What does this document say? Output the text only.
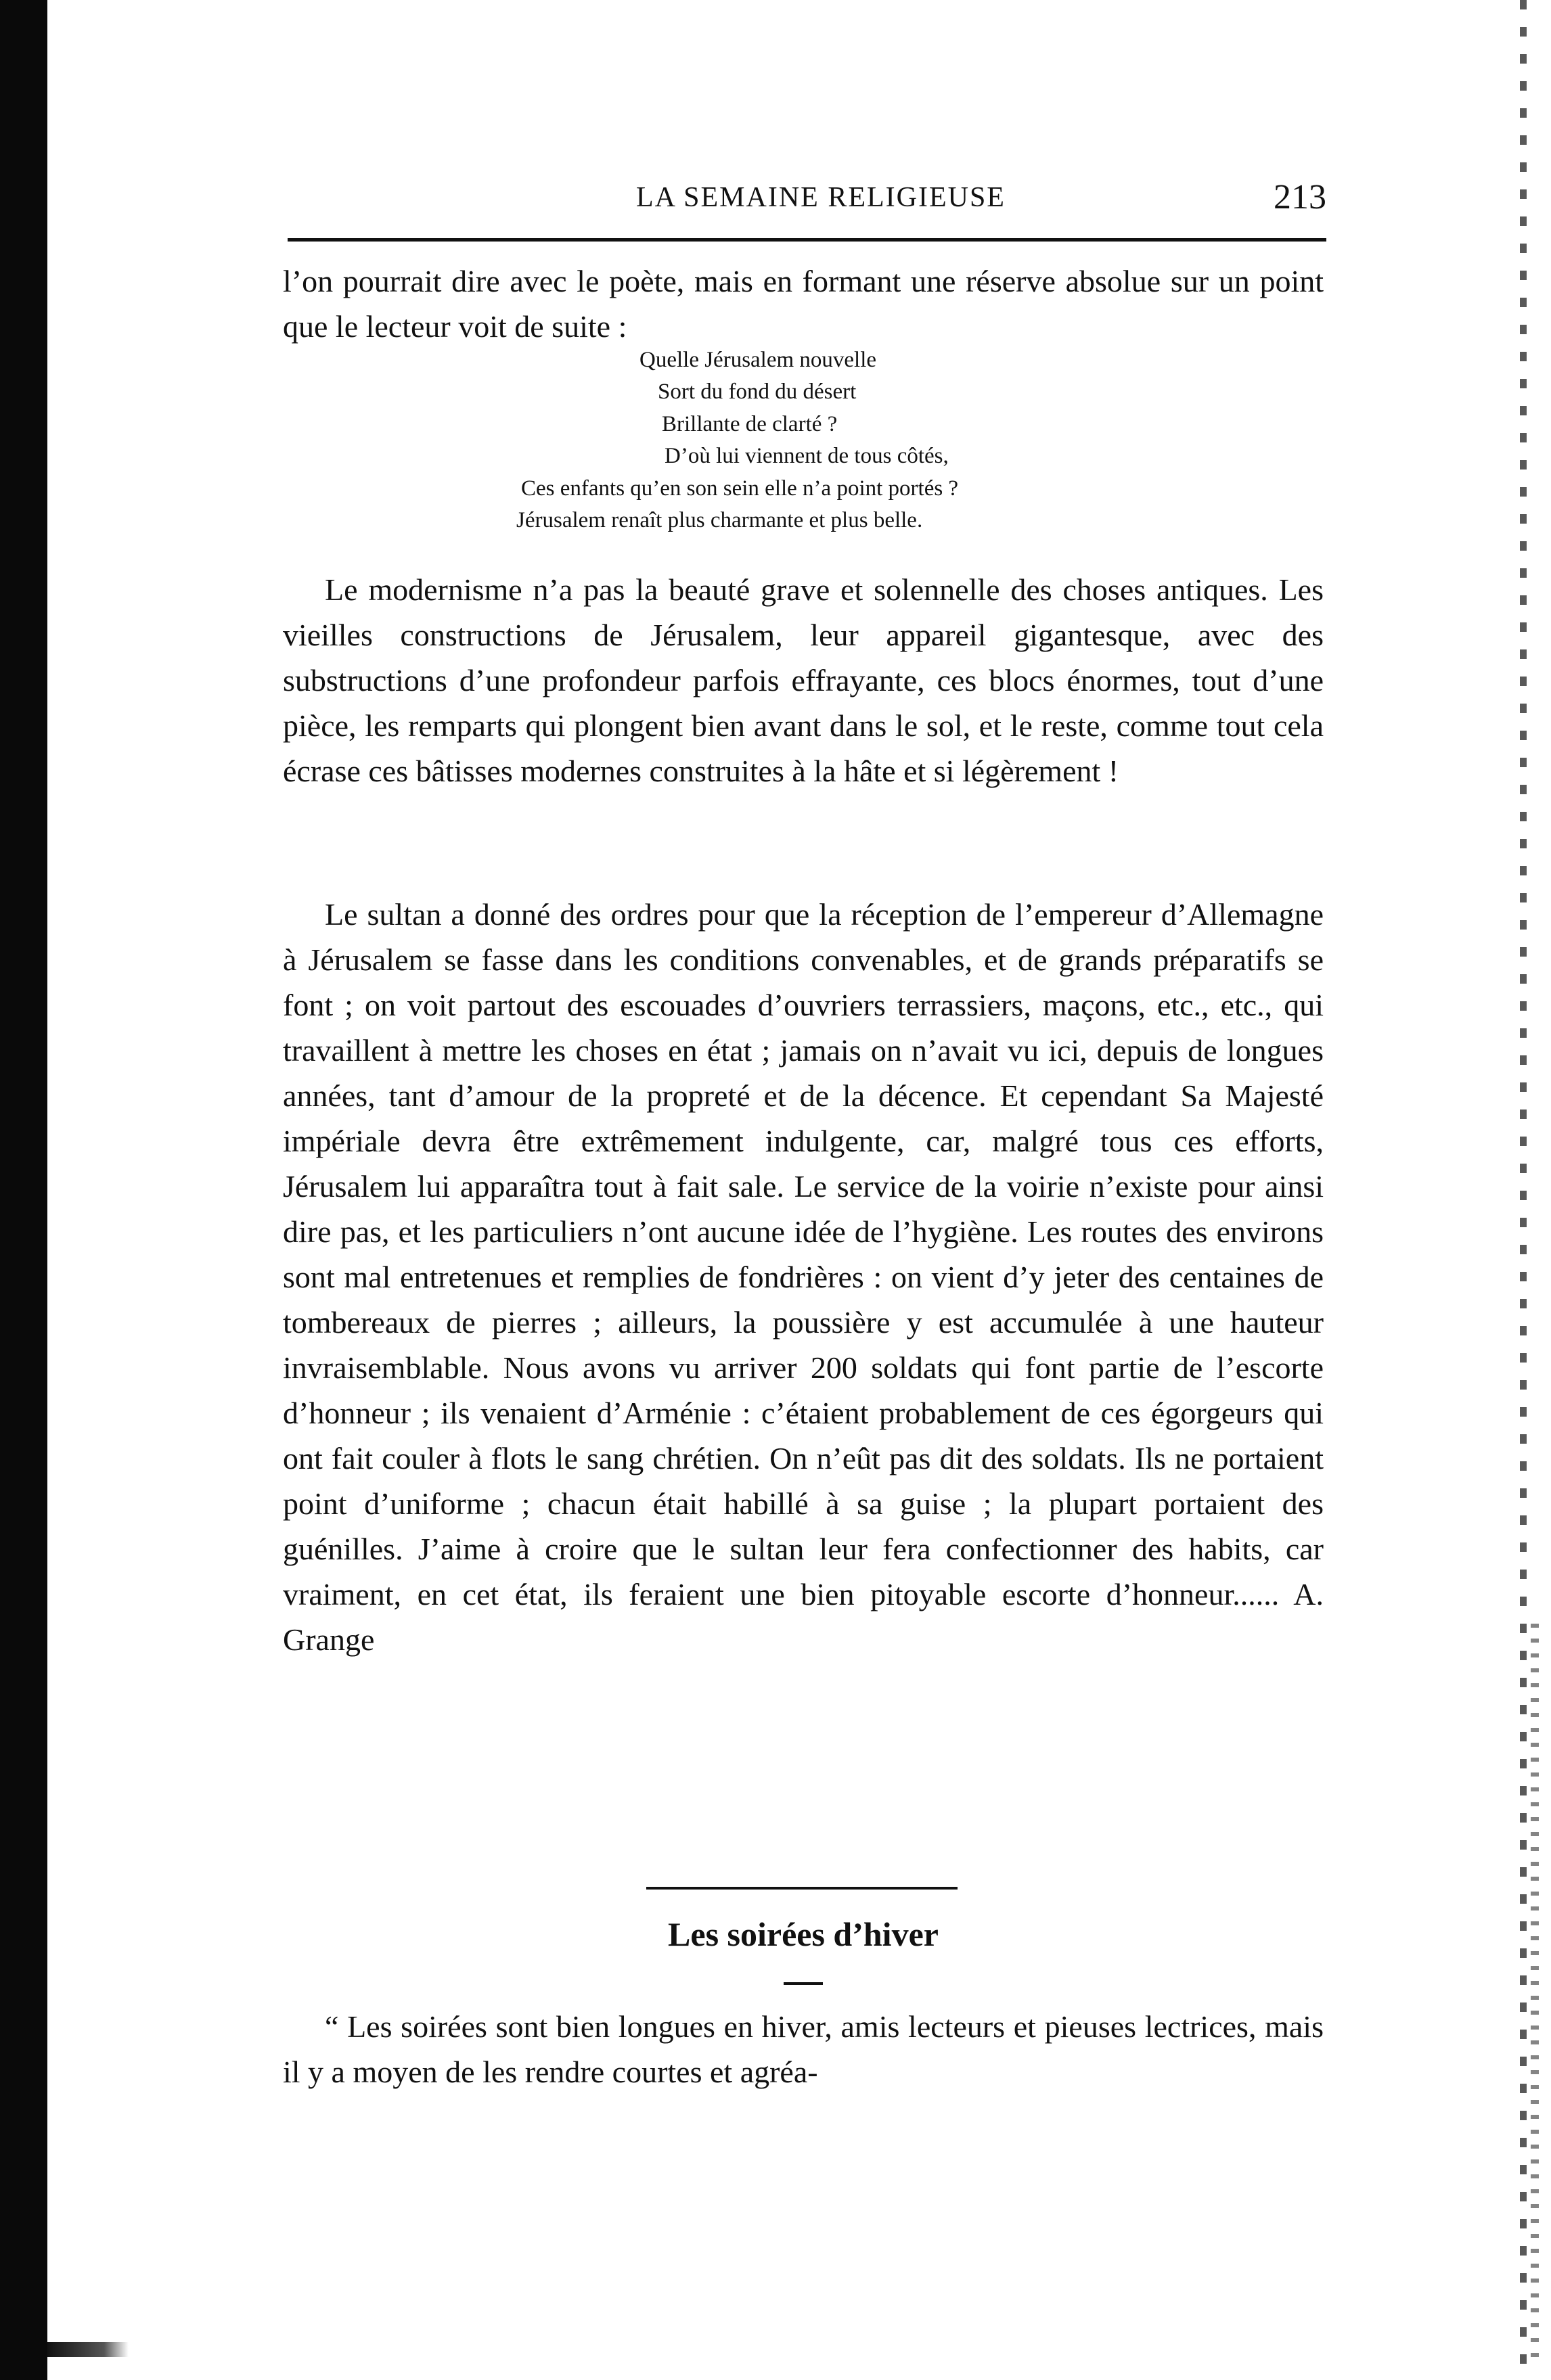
LA SEMAINE RELIGIEUSE	213

l’on pourrait dire avec le poète, mais en formant une réserve absolue sur un point que le lecteur voit de suite :

Quelle Jérusalem nouvelle
Sort du fond du désert
Brillante de clarté ?
D’où lui viennent de tous côtés,
Ces enfants qu’en son sein elle n’a point portés ?
Jérusalem renaît plus charmante et plus belle.

Le modernisme n’a pas la beauté grave et solennelle des choses antiques. Les vieilles constructions de Jérusalem, leur appareil gigantesque, avec des substructions d’une profondeur parfois effrayante, ces blocs énormes, tout d’une pièce, les remparts qui plongent bien avant dans le sol, et le reste, comme tout cela écrase ces bâtisses modernes construites à la hâte et si légèrement !

Le sultan a donné des ordres pour que la réception de l’empereur d’Allemagne à Jérusalem se fasse dans les conditions convenables, et de grands préparatifs se font ; on voit partout des escouades d’ouvriers terrassiers, maçons, etc., etc., qui travaillent à mettre les choses en état ; jamais on n’avait vu ici, depuis de longues années, tant d’amour de la propreté et de la décence. Et cependant Sa Majesté impériale devra être extrêmement indulgente, car, malgré tous ces efforts, Jérusalem lui apparaîtra tout à fait sale. Le service de la voirie n’existe pour ainsi dire pas, et les particuliers n’ont aucune idée de l’hygiène. Les routes des environs sont mal entretenues et remplies de fondrières : on vient d’y jeter des centaines de tombereaux de pierres ; ailleurs, la poussière y est accumulée à une hauteur invraisemblable. Nous avons vu arriver 200 soldats qui font partie de l’escorte d’honneur ; ils venaient d’Arménie : c’étaient probablement de ces égorgeurs qui ont fait couler à flots le sang chrétien. On n’eût pas dit des soldats. Ils ne portaient point d’uniforme ; chacun était habillé à sa guise ; la plupart portaient des guénilles. J’aime à croire que le sultan leur fera confectionner des habits, car vraiment, en cet état, ils feraient une bien pitoyable escorte d’honneur...... A. Grange

Les soirées d’hiver

“ Les soirées sont bien longues en hiver, amis lecteurs et pieuses lectrices, mais il y a moyen de les rendre courtes et agréa-
